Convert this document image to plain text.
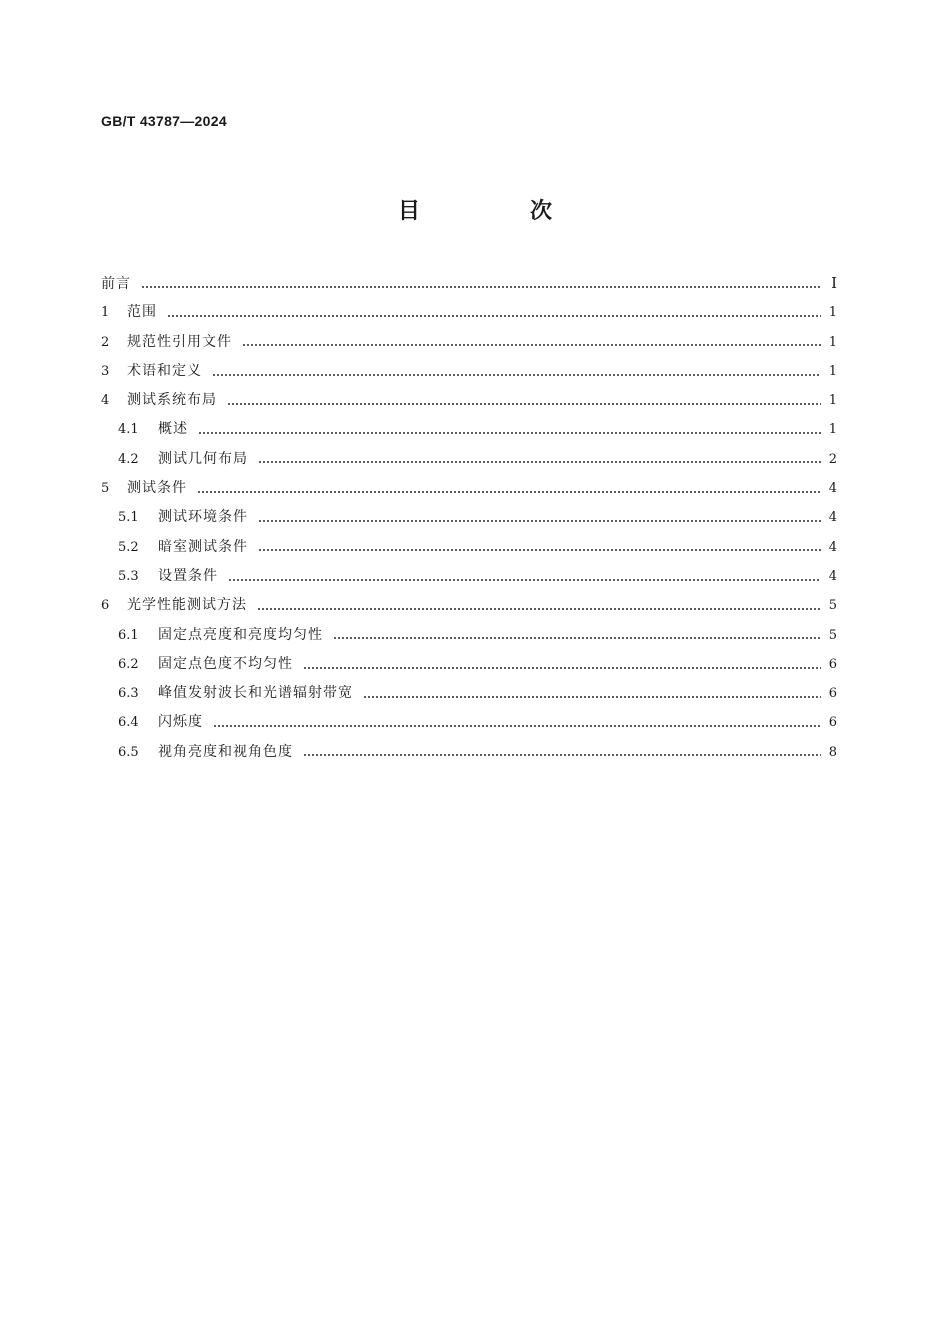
GB/T 43787—2024
目　次
前言	Ⅰ
1	范围	1
2	规范性引用文件	1
3	术语和定义	1
4	测试系统布局	1
4.1	概述	1
4.2	测试几何布局	2
5	测试条件	4
5.1	测试环境条件	4
5.2	暗室测试条件	4
5.3	设置条件	4
6	光学性能测试方法	5
6.1	固定点亮度和亮度均匀性	5
6.2	固定点色度不均匀性	6
6.3	峰值发射波长和光谱辐射带宽	6
6.4	闪烁度	6
6.5	视角亮度和视角色度	8
